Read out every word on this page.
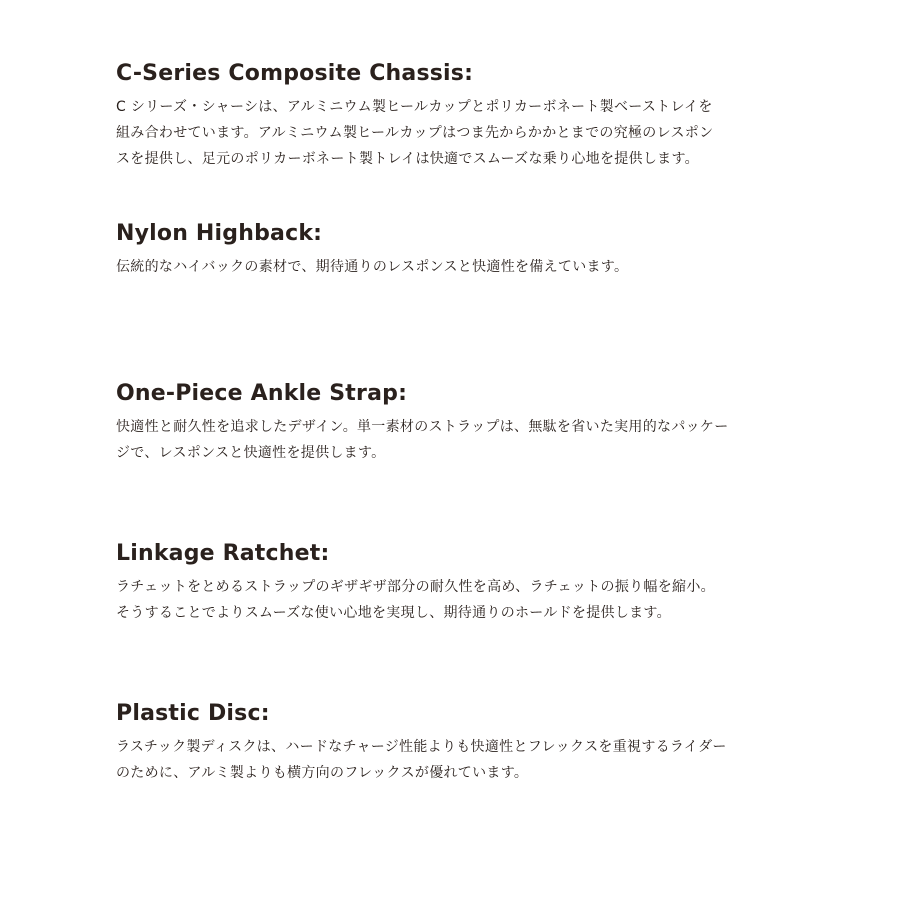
C-Series Composite Chassis:

C シリーズ・シャーシは、アルミニウム製ヒールカップとポリカーボネート製ベーストレイを
組み合わせています。アルミニウム製ヒールカップはつま先からかかとまでの究極のレスポン
スを提供し、足元のポリカーボネート製トレイは快適でスムーズな乗り心地を提供します。

Nylon Highback:

伝統的なハイバックの素材で、期待通りのレスポンスと快適性を備えています。

One-Piece Ankle Strap:

快適性と耐久性を追求したデザイン。単一素材のストラップは、無駄を省いた実用的なパッケー
ジで、レスポンスと快適性を提供します。

Linkage Ratchet:

ラチェットをとめるストラップのギザギザ部分の耐久性を高め、ラチェットの振り幅を縮小。
そうすることでよりスムーズな使い心地を実現し、期待通りのホールドを提供します。

Plastic Disc:

ラスチック製ディスクは、ハードなチャージ性能よりも快適性とフレックスを重視するライダー
のために、アルミ製よりも横方向のフレックスが優れています。
